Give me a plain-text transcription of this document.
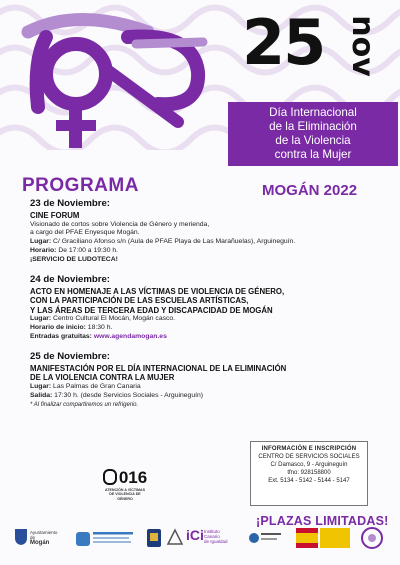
25 nov
Día Internacional
de la Eliminación
de la Violencia
contra la Mujer
PROGRAMA	MOGÁN 2022
23 de Noviembre:
CINE FORUM
Visionado de cortos sobre Violencia de Género y merienda,
a cargo del PFAE Enyesque Mogán.
Lugar: C/ Graciliano Afonso s/n (Aula de PFAE Playa de Las Marañuelas), Arguineguín.
Horario: De 17:00 a 19:30 h.
¡SERVICIO DE LUDOTECA!
24 de Noviembre:
ACTO EN HOMENAJE A LAS VÍCTIMAS DE VIOLENCIA DE GÉNERO,
CON LA PARTICIPACIÓN DE LAS ESCUELAS ARTÍSTICAS,
Y LAS ÁREAS DE TERCERA EDAD Y DISCAPACIDAD DE MOGÁN
Lugar: Centro Cultural El Mocán, Mogán casco.
Horario de inicio: 18:30 h.
Entradas gratuitas: www.agendamogan.es
25 de Noviembre:
MANIFESTACIÓN POR EL DÍA INTERNACIONAL DE LA ELIMINACIÓN
DE LA VIOLENCIA CONTRA LA MUJER
Lugar: Las Palmas de Gran Canaria
Salida: 17:30 h. (desde Servicios Sociales - Arguineguín)
* Al finalizar compartiremos un refrigerio.
016
ATENCIÓN A VÍCTIMAS
DE VIOLENCIA DE
GÉNERO
INFORMACIÓN E INSCRIPCIÓN
CENTRO DE SERVICIOS SOCIALES
C/ Damasco, 9 - Arguineguín
tfno: 928158800
Ext. 5134 - 5142 - 5144 - 5147
¡PLAZAS LIMITADAS!
Ayuntamiento
de
Mogán	iCi Instituto
Canario
de Igualdad
